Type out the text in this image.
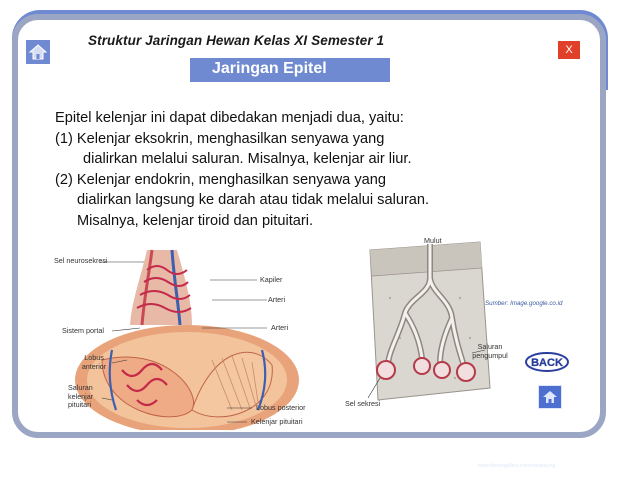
Struktur Jaringan Hewan Kelas XI Semester 1
Jaringan Epitel
X
Epitel kelenjar ini dapat dibedakan menjadi dua, yaitu:
(1) Kelenjar eksokrin, menghasilkan senyawa yang
dialirkan melalui saluran. Misalnya, kelenjar air liur.
(2) Kelenjar endokrin, menghasilkan senyawa yang
dialirkan langsung ke darah atau tidak melalui saluran.
Misalnya, kelenjar tiroid dan pituitari.
Sel neurosekresi
Kapiler
Arteri
Arteri
Sistem portal
Lobus anterior
Saluran kelenjar pituitari	Lobus posterior
Kelenjar pituitari
Mulut
Saluran pengumpul
Sel sekresi
Sumber: Image.google.co.id
BACK
www.themegallery.com/nowplaying
